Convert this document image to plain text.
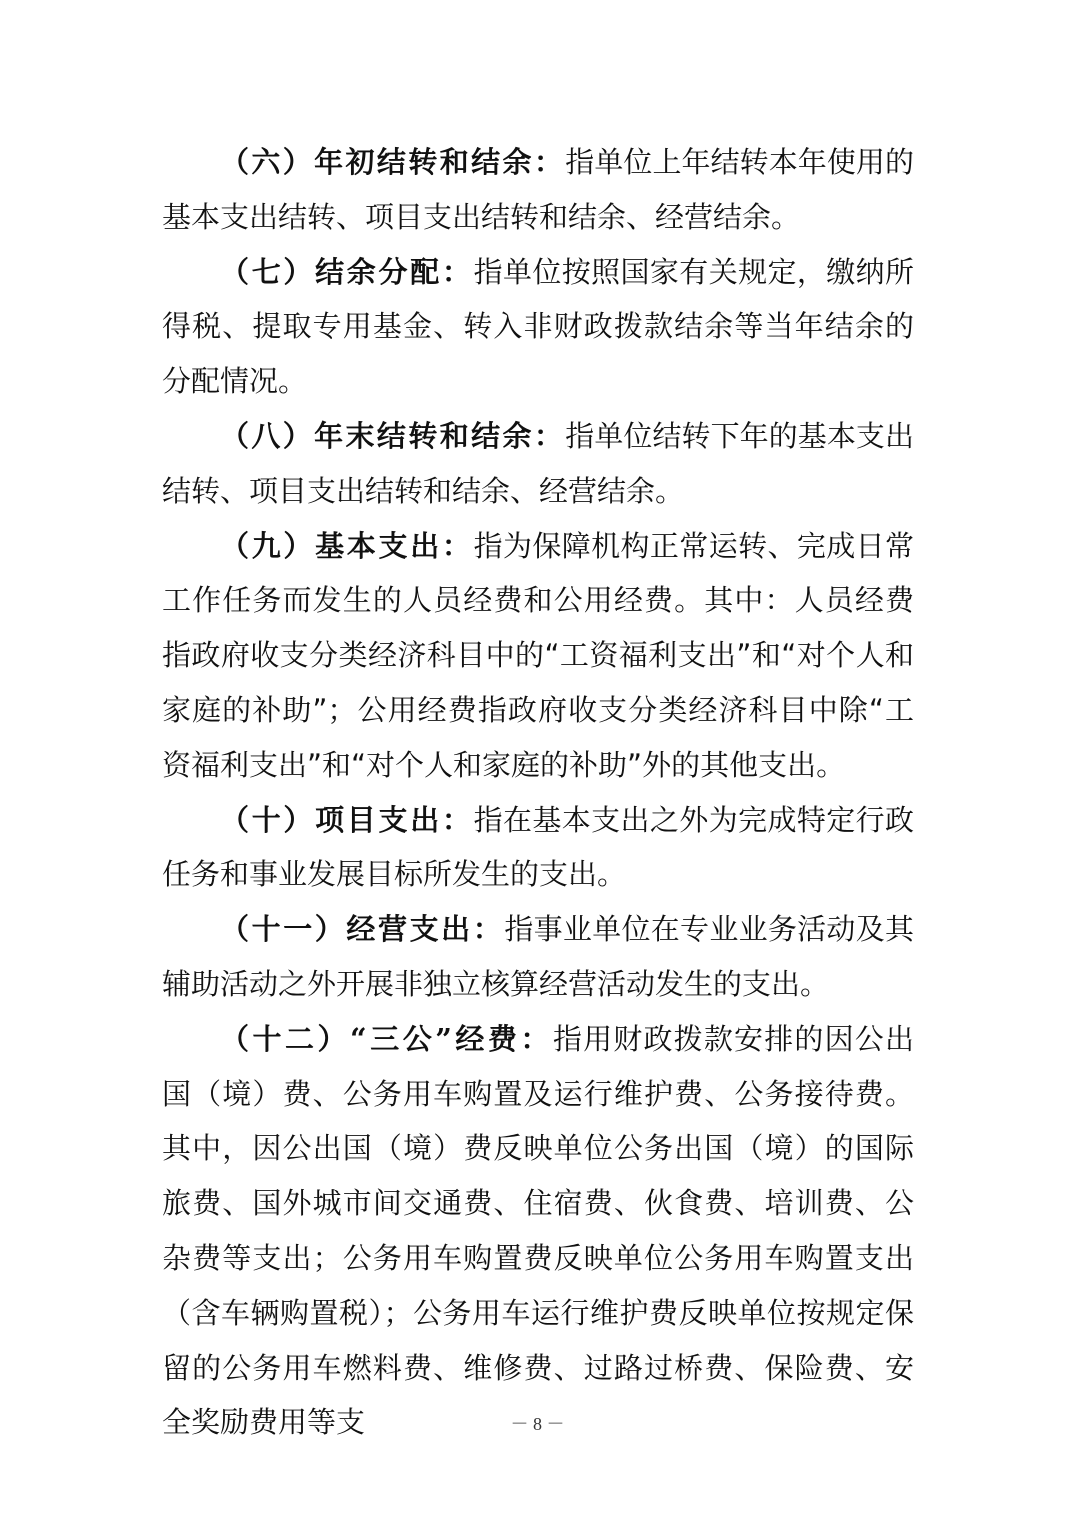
（六）年初结转和结余：指单位上年结转本年使用的基本支出结转、项目支出结转和结余、经营结余。

（七）结余分配：指单位按照国家有关规定，缴纳所得税、提取专用基金、转入非财政拨款结余等当年结余的分配情况。

（八）年末结转和结余：指单位结转下年的基本支出结转、项目支出结转和结余、经营结余。

（九）基本支出：指为保障机构正常运转、完成日常工作任务而发生的人员经费和公用经费。其中：人员经费指政府收支分类经济科目中的“工资福利支出”和“对个人和家庭的补助”；公用经费指政府收支分类经济科目中除“工资福利支出”和“对个人和家庭的补助”外的其他支出。

（十）项目支出：指在基本支出之外为完成特定行政任务和事业发展目标所发生的支出。

（十一）经营支出：指事业单位在专业业务活动及其辅助活动之外开展非独立核算经营活动发生的支出。

（十二）“三公”经费：指用财政拨款安排的因公出国（境）费、公务用车购置及运行维护费、公务接待费。其中，因公出国（境）费反映单位公务出国（境）的国际旅费、国外城市间交通费、住宿费、伙食费、培训费、公杂费等支出；公务用车购置费反映单位公务用车购置支出（含车辆购置税）；公务用车运行维护费反映单位按规定保留的公务用车燃料费、维修费、过路过桥费、保险费、安全奖励费用等支	－ 8 －
